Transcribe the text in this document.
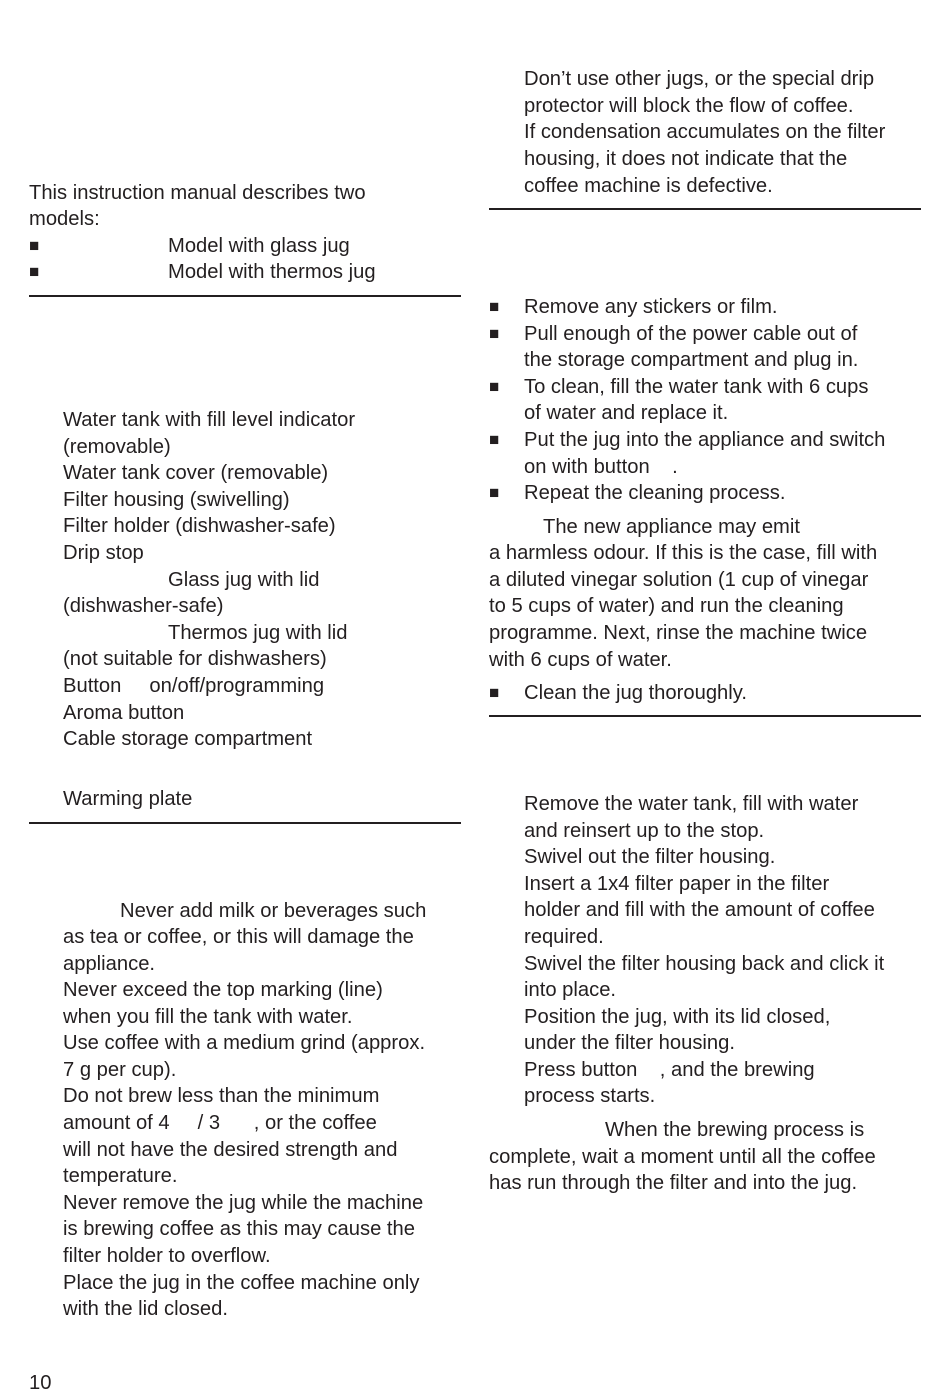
This instruction manual describes two
models:
■	Model with glass jug
■	Model with thermos jug
Water tank with fill level indicator
(removable)
Water tank cover (removable)
Filter housing (swivelling)
Filter holder (dishwasher-safe)
Drip stop
Glass jug with lid
(dishwasher-safe)
Thermos jug with lid
(not suitable for dishwashers)
Button     on/off/programming
Aroma button
Cable storage compartment
Warming plate
Never add milk or beverages such
as tea or coffee, or this will damage the
appliance.
Never exceed the top marking (line)
when you fill the tank with water.
Use coffee with a medium grind (approx.
7 g per cup).
Do not brew less than the minimum
amount of 4     / 3      , or the coffee
will not have the desired strength and
temperature.
Never remove the jug while the machine
is brewing coffee as this may cause the
filter holder to overflow.
Place the jug in the coffee machine only
with the lid closed.
10
Don’t use other jugs, or the special drip
protector will block the flow of coffee.
If condensation accumulates on the filter
housing, it does not indicate that the
coffee machine is defective.
■ Remove any stickers or film.
■ Pull enough of the power cable out of
the storage compartment and plug in.
■ To clean, fill the water tank with 6 cups
of water and replace it.
■ Put the jug into the appliance and switch
on with button    .
■ Repeat the cleaning process.
The new appliance may emit
a harmless odour. If this is the case, fill with
a diluted vinegar solution (1 cup of vinegar
to 5 cups of water) and run the cleaning
programme. Next, rinse the machine twice
with 6 cups of water.
■ Clean the jug thoroughly.
Remove the water tank, fill with water
and reinsert up to the stop.
Swivel out the filter housing.
Insert a 1x4 filter paper in the filter
holder and fill with the amount of coffee
required.
Swivel the filter housing back and click it
into place.
Position the jug, with its lid closed,
under the filter housing.
Press button    , and the brewing
process starts.
When the brewing process is
complete, wait a moment until all the coffee
has run through the filter and into the jug.
